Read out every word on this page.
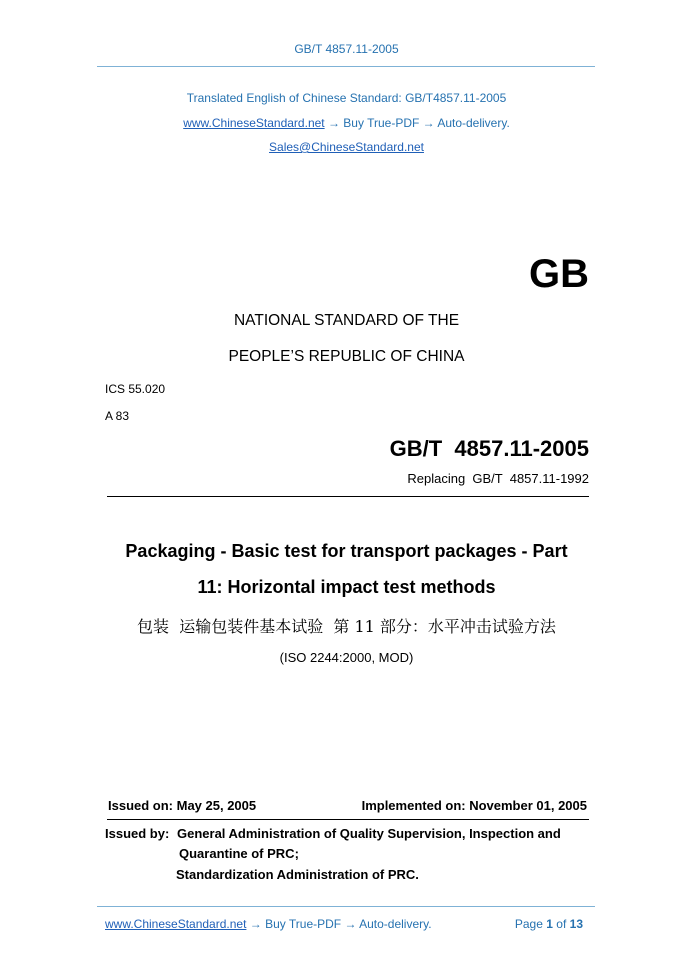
GB/T 4857.11-2005
Translated English of Chinese Standard: GB/T4857.11-2005
www.ChineseStandard.net → Buy True-PDF → Auto-delivery.
Sales@ChineseStandard.net
GB
NATIONAL STANDARD OF THE
PEOPLE’S REPUBLIC OF CHINA
ICS 55.020
A 83
GB/T  4857.11-2005
Replacing  GB/T  4857.11-1992
Packaging - Basic test for transport packages - Part
11: Horizontal impact test methods
包装  运输包装件基本试验  第 11 部分：水平冲击试验方法
(ISO 2244:2000, MOD)
Issued on: May 25, 2005	Implemented on: November 01, 2005
Issued by: General Administration of Quality Supervision, Inspection and
Quarantine of PRC;
Standardization Administration of PRC.
www.ChineseStandard.net → Buy True-PDF → Auto-delivery.	Page 1 of 13
